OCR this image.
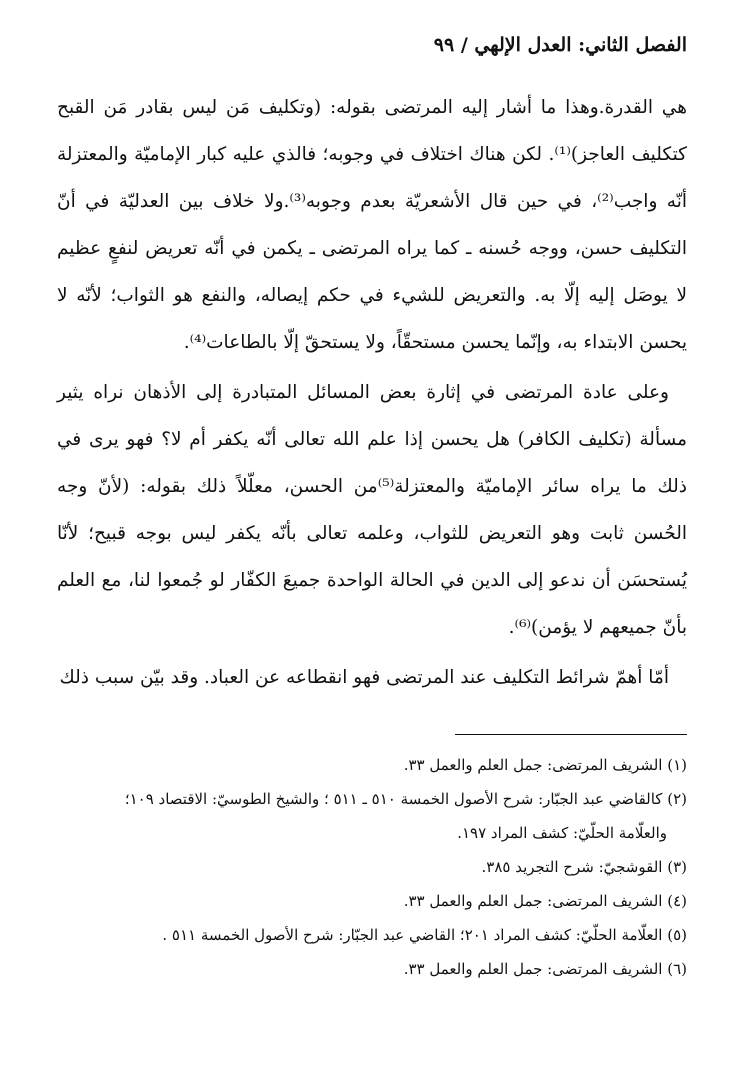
الفصل الثاني: العدل الإلهي / ٩٩

هي القدرة.وهذا ما أشار إليه المرتضى بقوله: (وتكليف مَن ليس بقادر مَن القبح كتكليف العاجز)⁽¹⁾. لكن هناك اختلاف في وجوبه؛ فالذي عليه كبار الإماميّة والمعتزلة أنّه واجب⁽²⁾، في حين قال الأشعريّة بعدم وجوبه⁽³⁾.ولا خلاف بين العدليّة في أنّ التكليف حسن، ووجه حُسنه ـ كما يراه المرتضى ـ يكمن في أنّه تعريض لنفعٍ عظيم لا يوصَل إليه إلّا به. والتعريض للشيء في حكم إيصاله، والنفع هو الثواب؛ لأنّه لا يحسن الابتداء به، وإنّما يحسن مستحقّاً، ولا يستحقّ إلّا بالطاعات⁽⁴⁾.

وعلى عادة المرتضى في إثارة بعض المسائل المتبادرة إلى الأذهان نراه يثير مسألة (تكليف الكافر) هل يحسن إذا علم الله تعالى أنّه يكفر أم لا؟ فهو يرى في ذلك ما يراه سائر الإماميّة والمعتزلة⁽⁵⁾من الحسن، معلّلاً ذلك بقوله: (لأنّ وجه الحُسن ثابت وهو التعريض للثواب، وعلمه تعالى بأنّه يكفر ليس بوجه قبيح؛ لأنّا يُستحسَن أن ندعو إلى الدين في الحالة الواحدة جميعَ الكفّار لو جُمعوا لنا، مع العلم بأنّ جميعهم لا يؤمن)⁽⁶⁾.

أمّا أهمّ شرائط التكليف عند المرتضى فهو انقطاعه عن العباد. وقد بيّن سبب ذلك

(١) الشريف المرتضى: جمل العلم والعمل ٣٣.

(٢) كالقاضي عبد الجبّار: شرح الأصول الخمسة ٥١٠ ـ ٥١١ ؛ والشيخ الطوسيّ: الاقتصاد ١٠٩؛

والعلّامة الحلّيّ: كشف المراد ١٩٧.

(٣) القوشجيّ: شرح التجريد ٣٨٥.

(٤) الشريف المرتضى: جمل العلم والعمل ٣٣.

(٥) العلّامة الحلّيّ: كشف المراد ٢٠١؛ القاضي عبد الجبّار: شرح الأصول الخمسة ٥١١ .

(٦) الشريف المرتضى: جمل العلم والعمل ٣٣.
